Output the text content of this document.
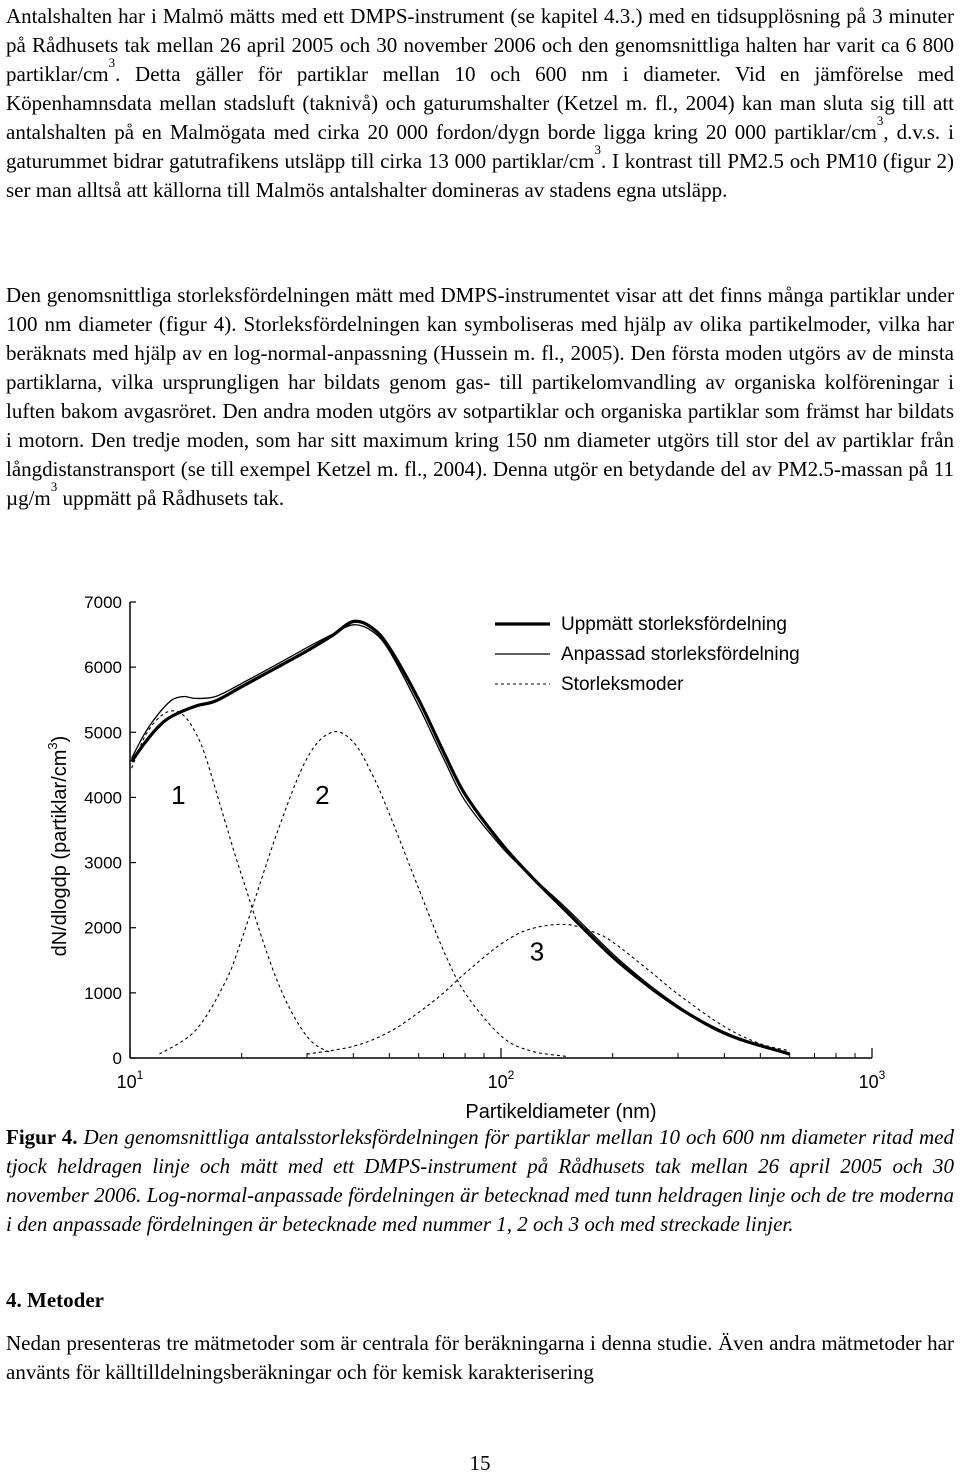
Antalshalten har i Malmö mätts med ett DMPS-instrument (se kapitel 4.3.) med en tidsupplösning på 3 minuter på Rådhusets tak mellan 26 april 2005 och 30 november 2006 och den genomsnittliga halten har varit ca 6 800 partiklar/$cm^3$. Detta gäller för partiklar mellan 10 och 600 nm i diameter. Vid en jämförelse med Köpenhamnsdata mellan stadsluft (taknivå) och gaturumshalter (Ketzel m. fl., 2004) kan man sluta sig till att antalshalten på en Malmögata med cirka 20 000 fordon/dygn borde ligga kring 20 000 partiklar/$cm^3$, d.v.s. i gaturummet bidrar gatutrafikens utsläpp till cirka 13 000 partiklar/$cm^3$. I kontrast till PM2.5 och PM10 (figur 2) ser man alltså att källorna till Malmös antalshalter domineras av stadens egna utsläpp.

Den genomsnittliga storleksfördelningen mätt med DMPS-instrumentet visar att det finns många partiklar under 100 nm diameter (figur 4). Storleksfördelningen kan symboliseras med hjälp av olika partikelmoder, vilka har beräknats med hjälp av en log-normal-anpassning (Hussein m. fl., 2005). Den första moden utgörs av de minsta partiklarna, vilka ursprungligen har bildats genom gas- till partikelomvandling av organiska kolföreningar i luften bakom avgasröret. Den andra moden utgörs av sotpartiklar och organiska partiklar som främst har bildats i motorn. Den tredje moden, som har sitt maximum kring 150 nm diameter utgörs till stor del av partiklar från långdistanstransport (se till exempel Ketzel m. fl., 2004). Denna utgör en betydande del av PM2.5-massan på 11 $\mu g/m^3$ uppmätt på Rådhusets tak.

0
1000
2000
3000
4000
5000
6000
7000
$10^1$	$10^2$	$10^3$
Partikeldiameter (nm)
dN/dlogdp $(partiklar/cm^3)$
1	2
3
Uppmätt storleksfördelning
Anpassad storleksfördelning
Storleksmoder

Figur 4. Den genomsnittliga antalsstorleksfördelningen för partiklar mellan 10 och 600 nm diameter ritad med tjock heldragen linje och mätt med ett DMPS-instrument på Rådhusets tak mellan 26 april 2005 och 30 november 2006. Log-normal-anpassade fördelningen är betecknad med tunn heldragen linje och de tre moderna i den anpassade fördelningen är betecknade med nummer 1, 2 och 3 och med streckade linjer.

4. Metoder

Nedan presenteras tre mätmetoder som är centrala för beräkningarna i denna studie. Även andra mätmetoder har använts för källtilldelningsberäkningar och för kemisk karakterisering

15
